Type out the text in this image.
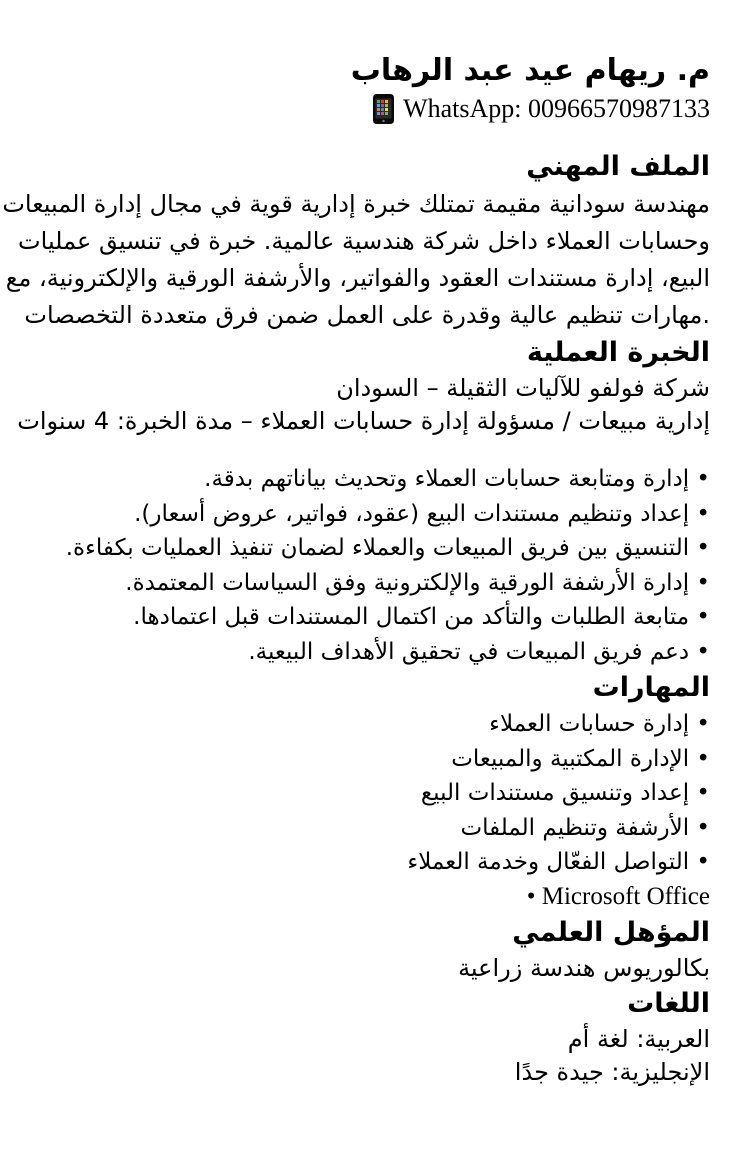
م. ريهام عيد عبد الرهاب
WhatsApp: 00966570987133
الملف المهني
مهندسة سودانية مقيمة تمتلك خبرة إدارية قوية في مجال إدارة المبيعات
وحسابات العملاء داخل شركة هندسية عالمية. خبرة في تنسيق عمليات
البيع، إدارة مستندات العقود والفواتير، والأرشفة الورقية والإلكترونية، مع
.مهارات تنظيم عالية وقدرة على العمل ضمن فرق متعددة التخصصات
الخبرة العملية
شركة فولفو للآليات الثقيلة – السودان
إدارية مبيعات / مسؤولة إدارة حسابات العملاء – مدة الخبرة: 4 سنوات
• إدارة ومتابعة حسابات العملاء وتحديث بياناتهم بدقة.
• إعداد وتنظيم مستندات البيع (عقود، فواتير، عروض أسعار).
• التنسيق بين فريق المبيعات والعملاء لضمان تنفيذ العمليات بكفاءة.
• إدارة الأرشفة الورقية والإلكترونية وفق السياسات المعتمدة.
• متابعة الطلبات والتأكد من اكتمال المستندات قبل اعتمادها.
• دعم فريق المبيعات في تحقيق الأهداف البيعية.
المهارات
• إدارة حسابات العملاء
• الإدارة المكتبية والمبيعات
• إعداد وتنسيق مستندات البيع
• الأرشفة وتنظيم الملفات
• التواصل الفعّال وخدمة العملاء
Microsoft Office •
المؤهل العلمي
بكالوريوس هندسة زراعية
اللغات
العربية: لغة أم
الإنجليزية: جيدة جدًا
